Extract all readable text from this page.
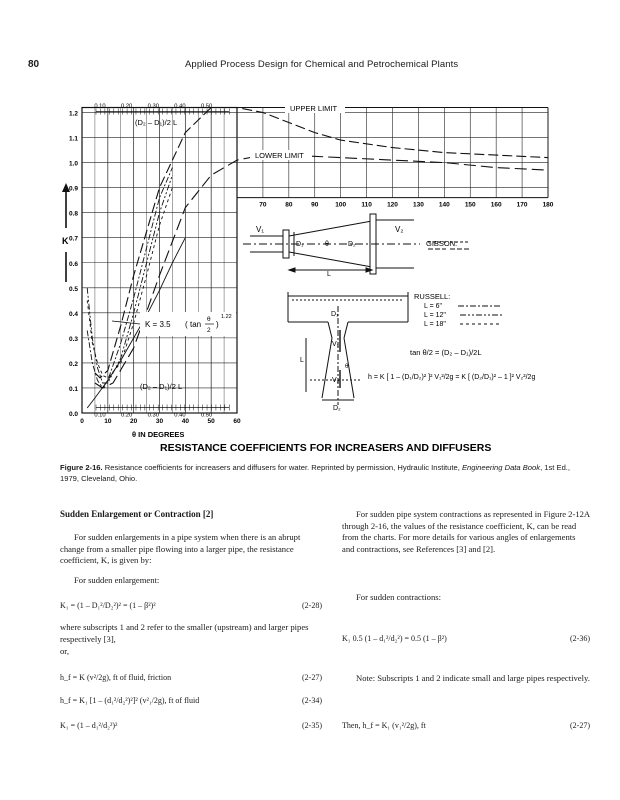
80	Applied Process Design for Chemical and Petrochemical Plants
0.0
0.1
0.2
0.3
0.4
0.5
0.6
0.7
0.8
0.9
1.0
1.1
1.2
0	10	20	30	40	50	60
70	80	90	100 110 120 130 140 150 160 170 180
0.10	0.20	0.30	0.40	0.50
0.10	0.20	0.30	0.40	0.50
K
θ IN DEGREES
RESISTANCE COEFFICIENTS FOR INCREASERS AND DIFFUSERS
(D₂ – D₁)/2 L
(D₂ – D₁)/2 L
UPPER LIMIT
LOWER LIMIT
K = 3.5 ( tan
θ
2
)
1.22
V₁
D₁	θ	D₂
V₂
L
GIBSON:
D₁
V₁
V₂
L
D₂
θ
RUSSELL:
L = 6"
L = 12"
L = 18"
tan θ/2 = (D₂ – D₁)/2L
h = K [ 1 – (D₁/D₂)² ]² V₁²/2g = K [ (D₂/D₁)² – 1 ]² V₂²/2g
Figure 2-16. Resistance coefficients for increasers and diffusers for water. Reprinted by permission, Hydraulic Institute, Engineering Data Book, 1st Ed., 1979, Cleveland, Ohio.
Sudden Enlargement or Contraction [2]
For sudden enlargements in a pipe system when there is an abrupt change from a smaller pipe flowing into a larger pipe, the resistance coefficient, K, is given by:
For sudden enlargement:
K₁ = (1 – D₁²/D₂²)² = (1 – β²)²	(2-28)
where subscripts 1 and 2 refer to the smaller (upstream) and larger pipes respectively [3],
or,
h_f = K (v²/2g), ft of fluid, friction	(2-27)
h_f = K₁ [1 – (d₁²/d₂²)²]² (v²₁/2g), ft of fluid	(2-34)
K₁ = (1 – d₁²/d₂²)²	(2-35)
For sudden pipe system contractions as represented in Figure 2-12A through 2-16, the values of the resistance coefficient, K, can be read from the charts. For more details for various angles of enlargements and contractions, see References [3] and [2].
For sudden contractions:
K₁ 0.5 (1 – d₁²/d₂²) = 0.5 (1 – β²)	(2-36)
Note: Subscripts 1 and 2 indicate small and large pipes respectively.
Then, h_f = K₁ (v₁²/2g), ft	(2-27)
